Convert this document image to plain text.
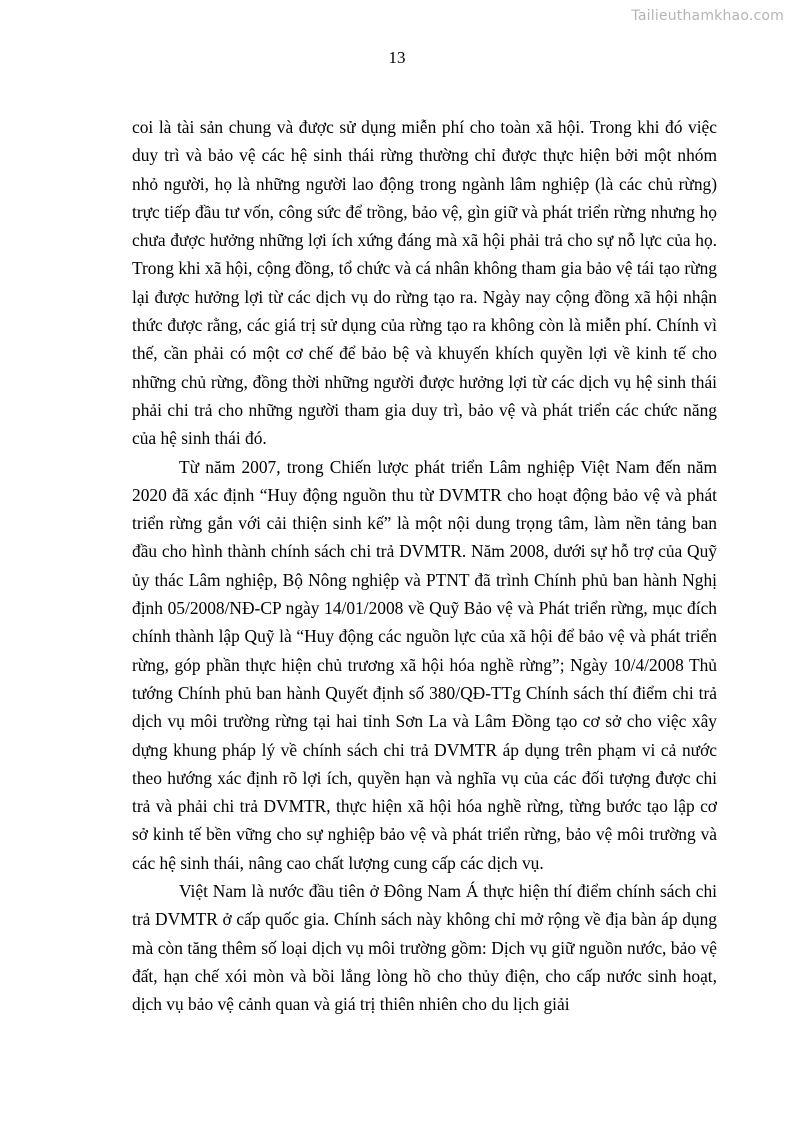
Tailieuthamkhao.com
13

coi là tài sản chung và được sử dụng miễn phí cho toàn xã hội. Trong khi đó việc duy trì và bảo vệ các hệ sinh thái rừng thường chỉ được thực hiện bởi một nhóm nhỏ người, họ là những người lao động trong ngành lâm nghiệp (là các chủ rừng) trực tiếp đầu tư vốn, công sức để trồng, bảo vệ, gìn giữ và phát triển rừng nhưng họ chưa được hưởng những lợi ích xứng đáng mà xã hội phải trả cho sự nỗ lực của họ. Trong khi xã hội, cộng đồng, tổ chức và cá nhân không tham gia bảo vệ tái tạo rừng lại được hưởng lợi từ các dịch vụ do rừng tạo ra. Ngày nay cộng đồng xã hội nhận thức được rằng, các giá trị sử dụng của rừng tạo ra không còn là miễn phí. Chính vì thế, cần phải có một cơ chế để bảo bệ và khuyến khích quyền lợi về kinh tế cho những chủ rừng, đồng thời những người được hưởng lợi từ các dịch vụ hệ sinh thái phải chi trả cho những người tham gia duy trì, bảo vệ và phát triển các chức năng của hệ sinh thái đó.

Từ năm 2007, trong Chiến lược phát triển Lâm nghiệp Việt Nam đến năm 2020 đã xác định “Huy động nguồn thu từ DVMTR cho hoạt động bảo vệ và phát triển rừng gắn với cải thiện sinh kế” là một nội dung trọng tâm, làm nền tảng ban đầu cho hình thành chính sách chi trả DVMTR. Năm 2008, dưới sự hỗ trợ của Quỹ ủy thác Lâm nghiệp, Bộ Nông nghiệp và PTNT đã trình Chính phủ ban hành Nghị định 05/2008/NĐ-CP ngày 14/01/2008 về Quỹ Bảo vệ và Phát triển rừng, mục đích chính thành lập Quỹ là “Huy động các nguồn lực của xã hội để bảo vệ và phát triển rừng, góp phần thực hiện chủ trương xã hội hóa nghề rừng”; Ngày 10/4/2008 Thủ tướng Chính phủ ban hành Quyết định số 380/QĐ-TTg Chính sách thí điểm chi trả dịch vụ môi trường rừng tại hai tỉnh Sơn La và Lâm Đồng tạo cơ sở cho việc xây dựng khung pháp lý về chính sách chi trả DVMTR áp dụng trên phạm vi cả nước theo hướng xác định rõ lợi ích, quyền hạn và nghĩa vụ của các đối tượng được chi trả và phải chi trả DVMTR, thực hiện xã hội hóa nghề rừng, từng bước tạo lập cơ sở kinh tế bền vững cho sự nghiệp bảo vệ và phát triển rừng, bảo vệ môi trường và các hệ sinh thái, nâng cao chất lượng cung cấp các dịch vụ.

Việt Nam là nước đầu tiên ở Đông Nam Á thực hiện thí điểm chính sách chi trả DVMTR ở cấp quốc gia. Chính sách này không chỉ mở rộng về địa bàn áp dụng mà còn tăng thêm số loại dịch vụ môi trường gồm: Dịch vụ giữ nguồn nước, bảo vệ đất, hạn chế xói mòn và bồi lắng lòng hồ cho thủy điện, cho cấp nước sinh hoạt, dịch vụ bảo vệ cảnh quan và giá trị thiên nhiên cho du lịch giải
